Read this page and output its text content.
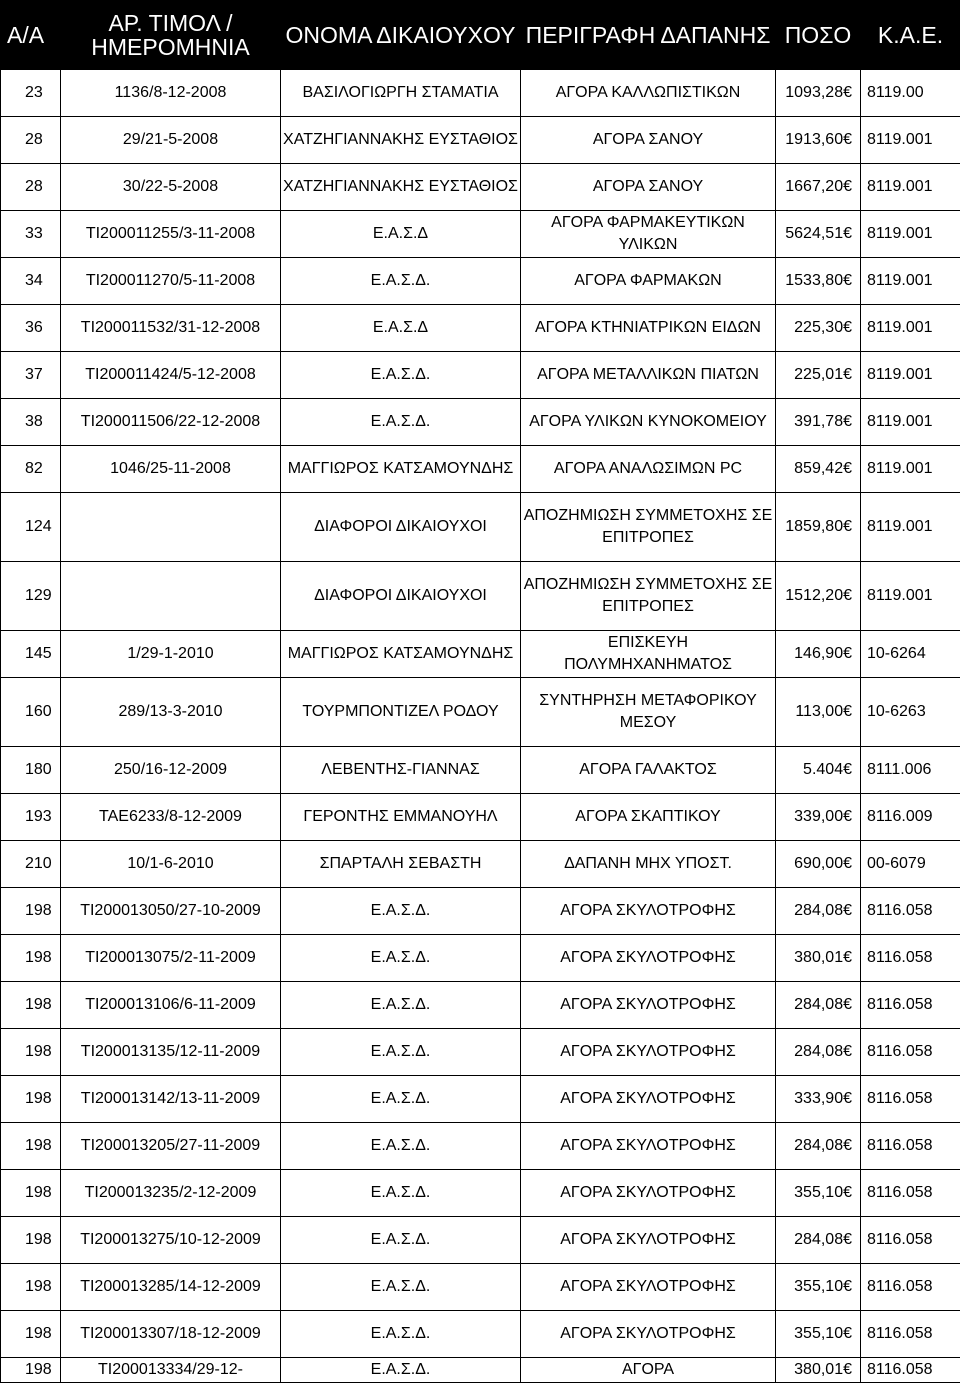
Α/Α	ΑΡ. ΤΙΜΟΛ / ΗΜΕΡΟΜΗΝΙΑ	ΟΝΟΜΑ ΔΙΚΑΙΟΥΧΟΥ	ΠΕΡΙΓΡΑΦΗ ΔΑΠΑΝΗΣ	ΠΟΣΟ	Κ.Α.Ε.
23	1136/8-12-2008	ΒΑΣΙΛΟΓΙΩΡΓΗ ΣΤΑΜΑΤΙΑ	ΑΓΟΡΑ ΚΑΛΛΩΠΙΣΤΙΚΩΝ	1093,28€	8119.00
28	29/21-5-2008	ΧΑΤΖΗΓΙΑΝΝΑΚΗΣ ΕΥΣΤΑΘΙΟΣ	ΑΓΟΡΑ ΣΑΝΟΥ	1913,60€	8119.001
28	30/22-5-2008	ΧΑΤΖΗΓΙΑΝΝΑΚΗΣ ΕΥΣΤΑΘΙΟΣ	ΑΓΟΡΑ ΣΑΝΟΥ	1667,20€	8119.001
33	ΤΙ200011255/3-11-2008	Ε.Α.Σ.Δ	ΑΓΟΡΑ ΦΑΡΜΑΚΕΥΤΙΚΩΝ ΥΛΙΚΩΝ	5624,51€	8119.001
34	ΤΙ200011270/5-11-2008	Ε.Α.Σ.Δ.	ΑΓΟΡΑ ΦΑΡΜΑΚΩΝ	1533,80€	8119.001
36	ΤΙ200011532/31-12-2008	Ε.Α.Σ.Δ	ΑΓΟΡΑ ΚΤΗΝΙΑΤΡΙΚΩΝ ΕΙΔΩΝ	225,30€	8119.001
37	ΤΙ200011424/5-12-2008	Ε.Α.Σ.Δ.	ΑΓΟΡΑ ΜΕΤΑΛΛΙΚΩΝ ΠΙΑΤΩΝ	225,01€	8119.001
38	ΤΙ200011506/22-12-2008	Ε.Α.Σ.Δ.	ΑΓΟΡΑ ΥΛΙΚΩΝ ΚΥΝΟΚΟΜΕΙΟΥ	391,78€	8119.001
82	1046/25-11-2008	ΜΑΓΓΙΩΡΟΣ ΚΑΤΣΑΜΟΥΝΔΗΣ	ΑΓΟΡΑ ΑΝΑΛΩΣΙΜΩΝ PC	859,42€	8119.001
124		ΔΙΑΦΟΡΟΙ ΔΙΚΑΙΟΥΧΟΙ	ΑΠΟΖΗΜΙΩΣΗ ΣΥΜΜΕΤΟΧΗΣ ΣΕ ΕΠΙΤΡΟΠΕΣ	1859,80€	8119.001
129		ΔΙΑΦΟΡΟΙ ΔΙΚΑΙΟΥΧΟΙ	ΑΠΟΖΗΜΙΩΣΗ ΣΥΜΜΕΤΟΧΗΣ ΣΕ ΕΠΙΤΡΟΠΕΣ	1512,20€	8119.001
145	1/29-1-2010	ΜΑΓΓΙΩΡΟΣ ΚΑΤΣΑΜΟΥΝΔΗΣ	ΕΠΙΣΚΕΥΗ ΠΟΛΥΜΗΧΑΝΗΜΑΤΟΣ	146,90€	10-6264
160	289/13-3-2010	ΤΟΥΡΜΠΟΝΤΙΖΕΛ ΡΟΔΟΥ	ΣΥΝΤΗΡΗΣΗ ΜΕΤΑΦΟΡΙΚΟΥ ΜΕΣΟΥ	113,00€	10-6263
180	250/16-12-2009	ΛΕΒΕΝΤΗΣ-ΓΙΑΝΝΑΣ	ΑΓΟΡΑ ΓΑΛΑΚΤΟΣ	5.404€	8111.006
193	ΤΑΕ6233/8-12-2009	ΓΕΡΟΝΤΗΣ ΕΜΜΑΝΟΥΗΛ	ΑΓΟΡΑ ΣΚΑΠΤΙΚΟΥ	339,00€	8116.009
210	10/1-6-2010	ΣΠΑΡΤΑΛΗ ΣΕΒΑΣΤΗ	ΔΑΠΑΝΗ ΜΗΧ ΥΠΟΣΤ.	690,00€	00-6079
198	ΤΙ200013050/27-10-2009	Ε.Α.Σ.Δ.	ΑΓΟΡΑ ΣΚΥΛΟΤΡΟΦΗΣ	284,08€	8116.058
198	ΤΙ200013075/2-11-2009	Ε.Α.Σ.Δ.	ΑΓΟΡΑ ΣΚΥΛΟΤΡΟΦΗΣ	380,01€	8116.058
198	ΤΙ200013106/6-11-2009	Ε.Α.Σ.Δ.	ΑΓΟΡΑ ΣΚΥΛΟΤΡΟΦΗΣ	284,08€	8116.058
198	ΤΙ200013135/12-11-2009	Ε.Α.Σ.Δ.	ΑΓΟΡΑ ΣΚΥΛΟΤΡΟΦΗΣ	284,08€	8116.058
198	ΤΙ200013142/13-11-2009	Ε.Α.Σ.Δ.	ΑΓΟΡΑ ΣΚΥΛΟΤΡΟΦΗΣ	333,90€	8116.058
198	ΤΙ200013205/27-11-2009	Ε.Α.Σ.Δ.	ΑΓΟΡΑ ΣΚΥΛΟΤΡΟΦΗΣ	284,08€	8116.058
198	ΤΙ200013235/2-12-2009	Ε.Α.Σ.Δ.	ΑΓΟΡΑ ΣΚΥΛΟΤΡΟΦΗΣ	355,10€	8116.058
198	ΤΙ200013275/10-12-2009	Ε.Α.Σ.Δ.	ΑΓΟΡΑ ΣΚΥΛΟΤΡΟΦΗΣ	284,08€	8116.058
198	ΤΙ200013285/14-12-2009	Ε.Α.Σ.Δ.	ΑΓΟΡΑ ΣΚΥΛΟΤΡΟΦΗΣ	355,10€	8116.058
198	ΤΙ200013307/18-12-2009	Ε.Α.Σ.Δ.	ΑΓΟΡΑ ΣΚΥΛΟΤΡΟΦΗΣ	355,10€	8116.058
198	ΤΙ200013334/29-12-	Ε.Α.Σ.Δ.	ΑΓΟΡΑ	380,01€	8116.058
